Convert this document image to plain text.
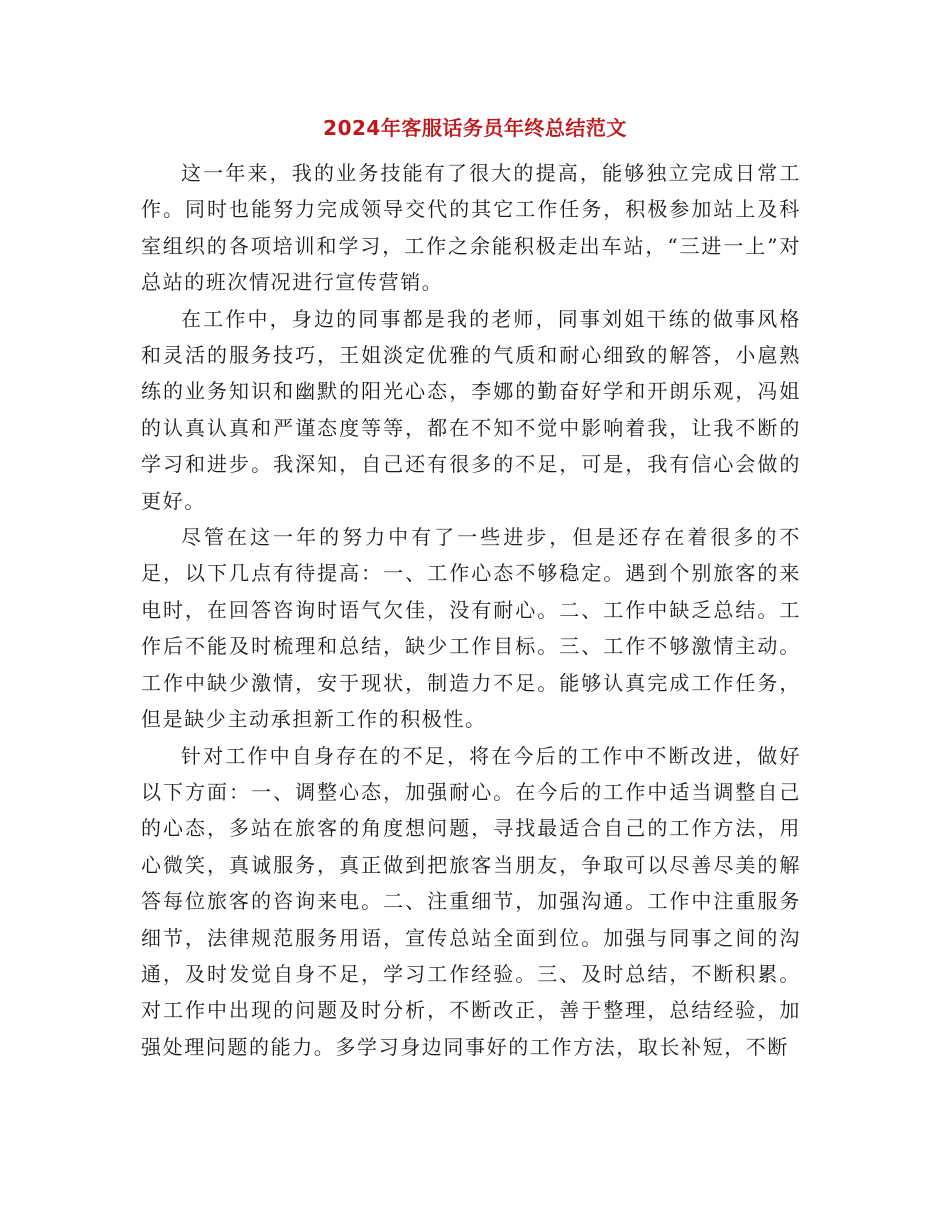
2024年客服话务员年终总结范文

这一年来，我的业务技能有了很大的提高，能够独立完成日常工作。同时也能努力完成领导交代的其它工作任务，积极参加站上及科室组织的各项培训和学习，工作之余能积极走出车站，“三进一上”对总站的班次情况进行宣传营销。

在工作中，身边的同事都是我的老师，同事刘姐干练的做事风格和灵活的服务技巧，王姐淡定优雅的气质和耐心细致的解答，小扈熟练的业务知识和幽默的阳光心态，李娜的勤奋好学和开朗乐观，冯姐的认真认真和严谨态度等等，都在不知不觉中影响着我，让我不断的学习和进步。我深知，自己还有很多的不足，可是，我有信心会做的更好。

尽管在这一年的努力中有了一些进步，但是还存在着很多的不足，以下几点有待提高：一、工作心态不够稳定。遇到个别旅客的来电时，在回答咨询时语气欠佳，没有耐心。二、工作中缺乏总结。工作后不能及时梳理和总结，缺少工作目标。三、工作不够激情主动。工作中缺少激情，安于现状，制造力不足。能够认真完成工作任务，但是缺少主动承担新工作的积极性。

针对工作中自身存在的不足，将在今后的工作中不断改进，做好以下方面：一、调整心态，加强耐心。在今后的工作中适当调整自己的心态，多站在旅客的角度想问题，寻找最适合自己的工作方法，用心微笑，真诚服务，真正做到把旅客当朋友，争取可以尽善尽美的解答每位旅客的咨询来电。二、注重细节，加强沟通。工作中注重服务细节，法律规范服务用语，宣传总站全面到位。加强与同事之间的沟通，及时发觉自身不足，学习工作经验。三、及时总结，不断积累。对工作中出现的问题及时分析，不断改正，善于整理，总结经验，加强处理问题的能力。多学习身边同事好的工作方法，取长补短，不断
